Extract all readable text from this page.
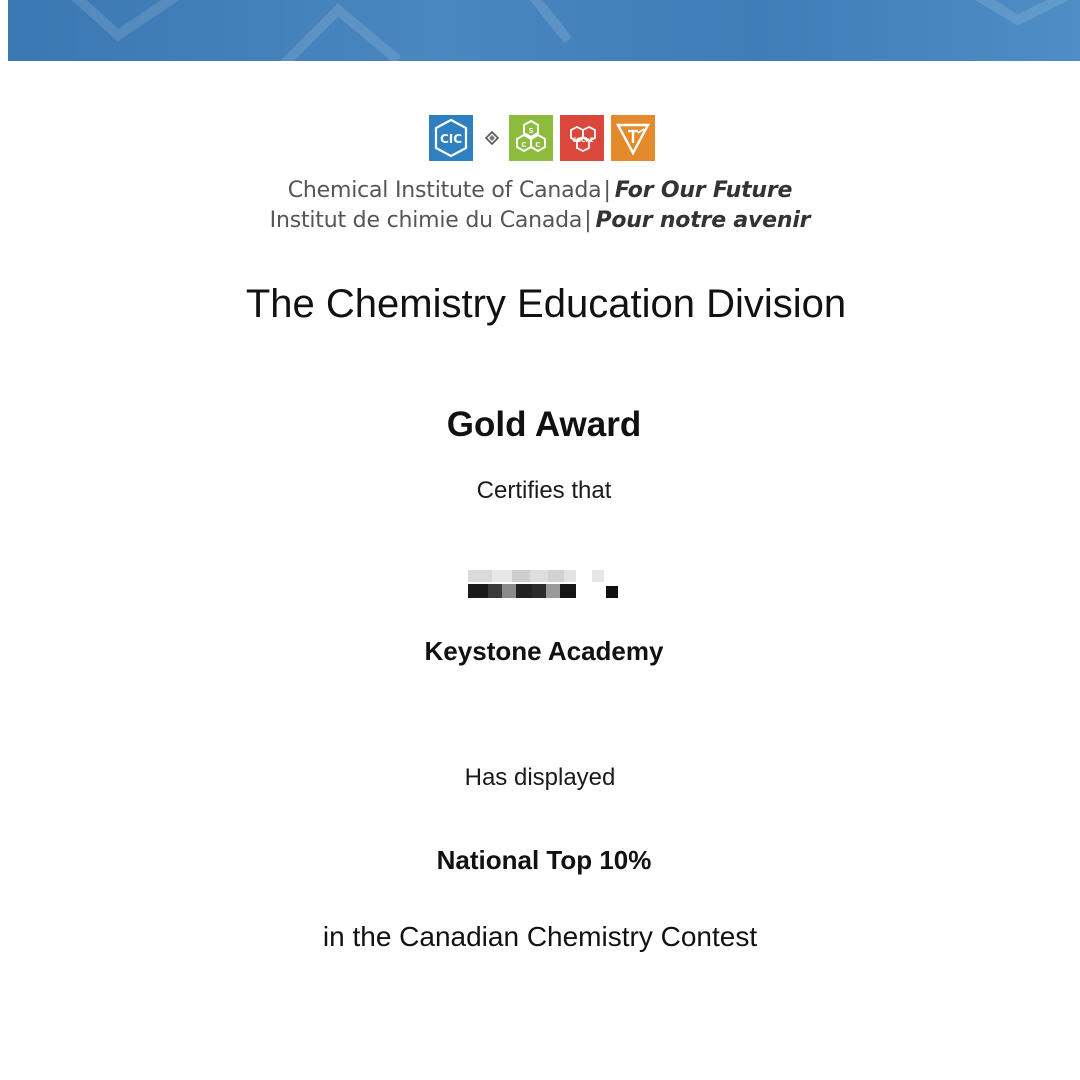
CIC
S
C C
CSChE
Chemical Institute of Canada| For Our Future
Institut de chimie du Canada| Pour notre avenir
The Chemistry Education Division
Gold Award
Certifies that
Keystone Academy
Has displayed
National Top 10%
in the Canadian Chemistry Contest
